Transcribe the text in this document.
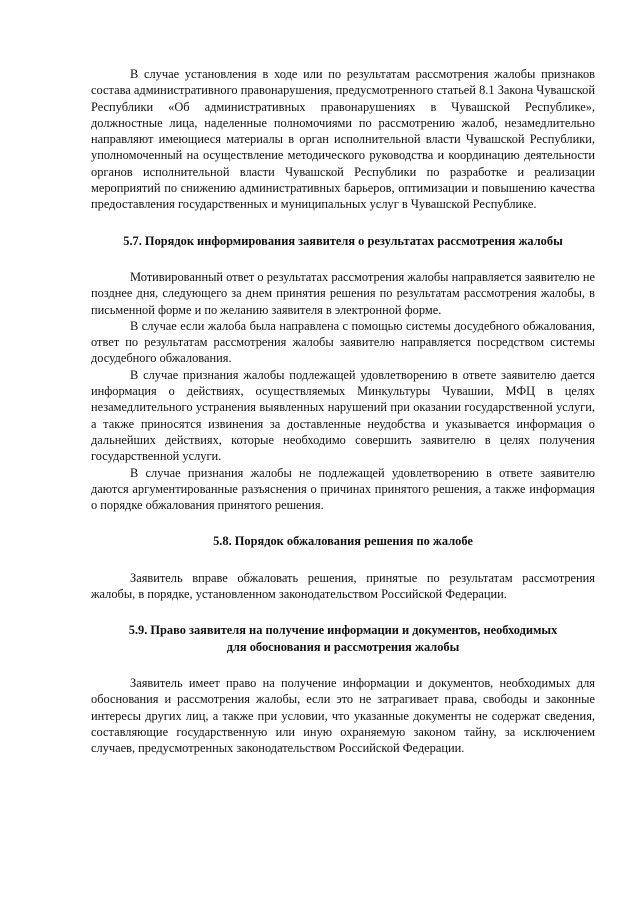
В случае установления в ходе или по результатам рассмотрения жалобы признаков состава административного правонарушения, предусмотренного статьей 8.1 Закона Чувашской Республики «Об административных правонарушениях в Чувашской Республике», должностные лица, наделенные полномочиями по рассмотрению жалоб, незамедлительно направляют имеющиеся материалы в орган исполнительной власти Чувашской Республики, уполномоченный на осуществление методического руководства и координацию деятельности органов исполнительной власти Чувашской Республики по разработке и реализации мероприятий по снижению административных барьеров, оптимизации и повышению качества предоставления государственных и муниципальных услуг в Чувашской Республике.

5.7. Порядок информирования заявителя о результатах рассмотрения жалобы

Мотивированный ответ о результатах рассмотрения жалобы направляется заявителю не позднее дня, следующего за днем принятия решения по результатам рассмотрения жалобы, в письменной форме и по желанию заявителя в электронной форме.

В случае если жалоба была направлена с помощью системы досудебного обжалования, ответ по результатам рассмотрения жалобы заявителю направляется посредством системы досудебного обжалования.

В случае признания жалобы подлежащей удовлетворению в ответе заявителю дается информация о действиях, осуществляемых Минкультуры Чувашии, МФЦ в целях незамедлительного устранения выявленных нарушений при оказании государственной услуги, а также приносятся извинения за доставленные неудобства и указывается информация о дальнейших действиях, которые необходимо совершить заявителю в целях получения государственной услуги.

В случае признания жалобы не подлежащей удовлетворению в ответе заявителю даются аргументированные разъяснения о причинах принятого решения, а также информация о порядке обжалования принятого решения.

5.8. Порядок обжалования решения по жалобе

Заявитель вправе обжаловать решения, принятые по результатам рассмотрения жалобы, в порядке, установленном законодательством Российской Федерации.

5.9. Право заявителя на получение информации и документов, необходимых
для обоснования и рассмотрения жалобы

Заявитель имеет право на получение информации и документов, необходимых для обоснования и рассмотрения жалобы, если это не затрагивает права, свободы и законные интересы других лиц, а также при условии, что указанные документы не содержат сведения, составляющие государственную или иную охраняемую законом тайну, за исключением случаев, предусмотренных законодательством Российской Федерации.
